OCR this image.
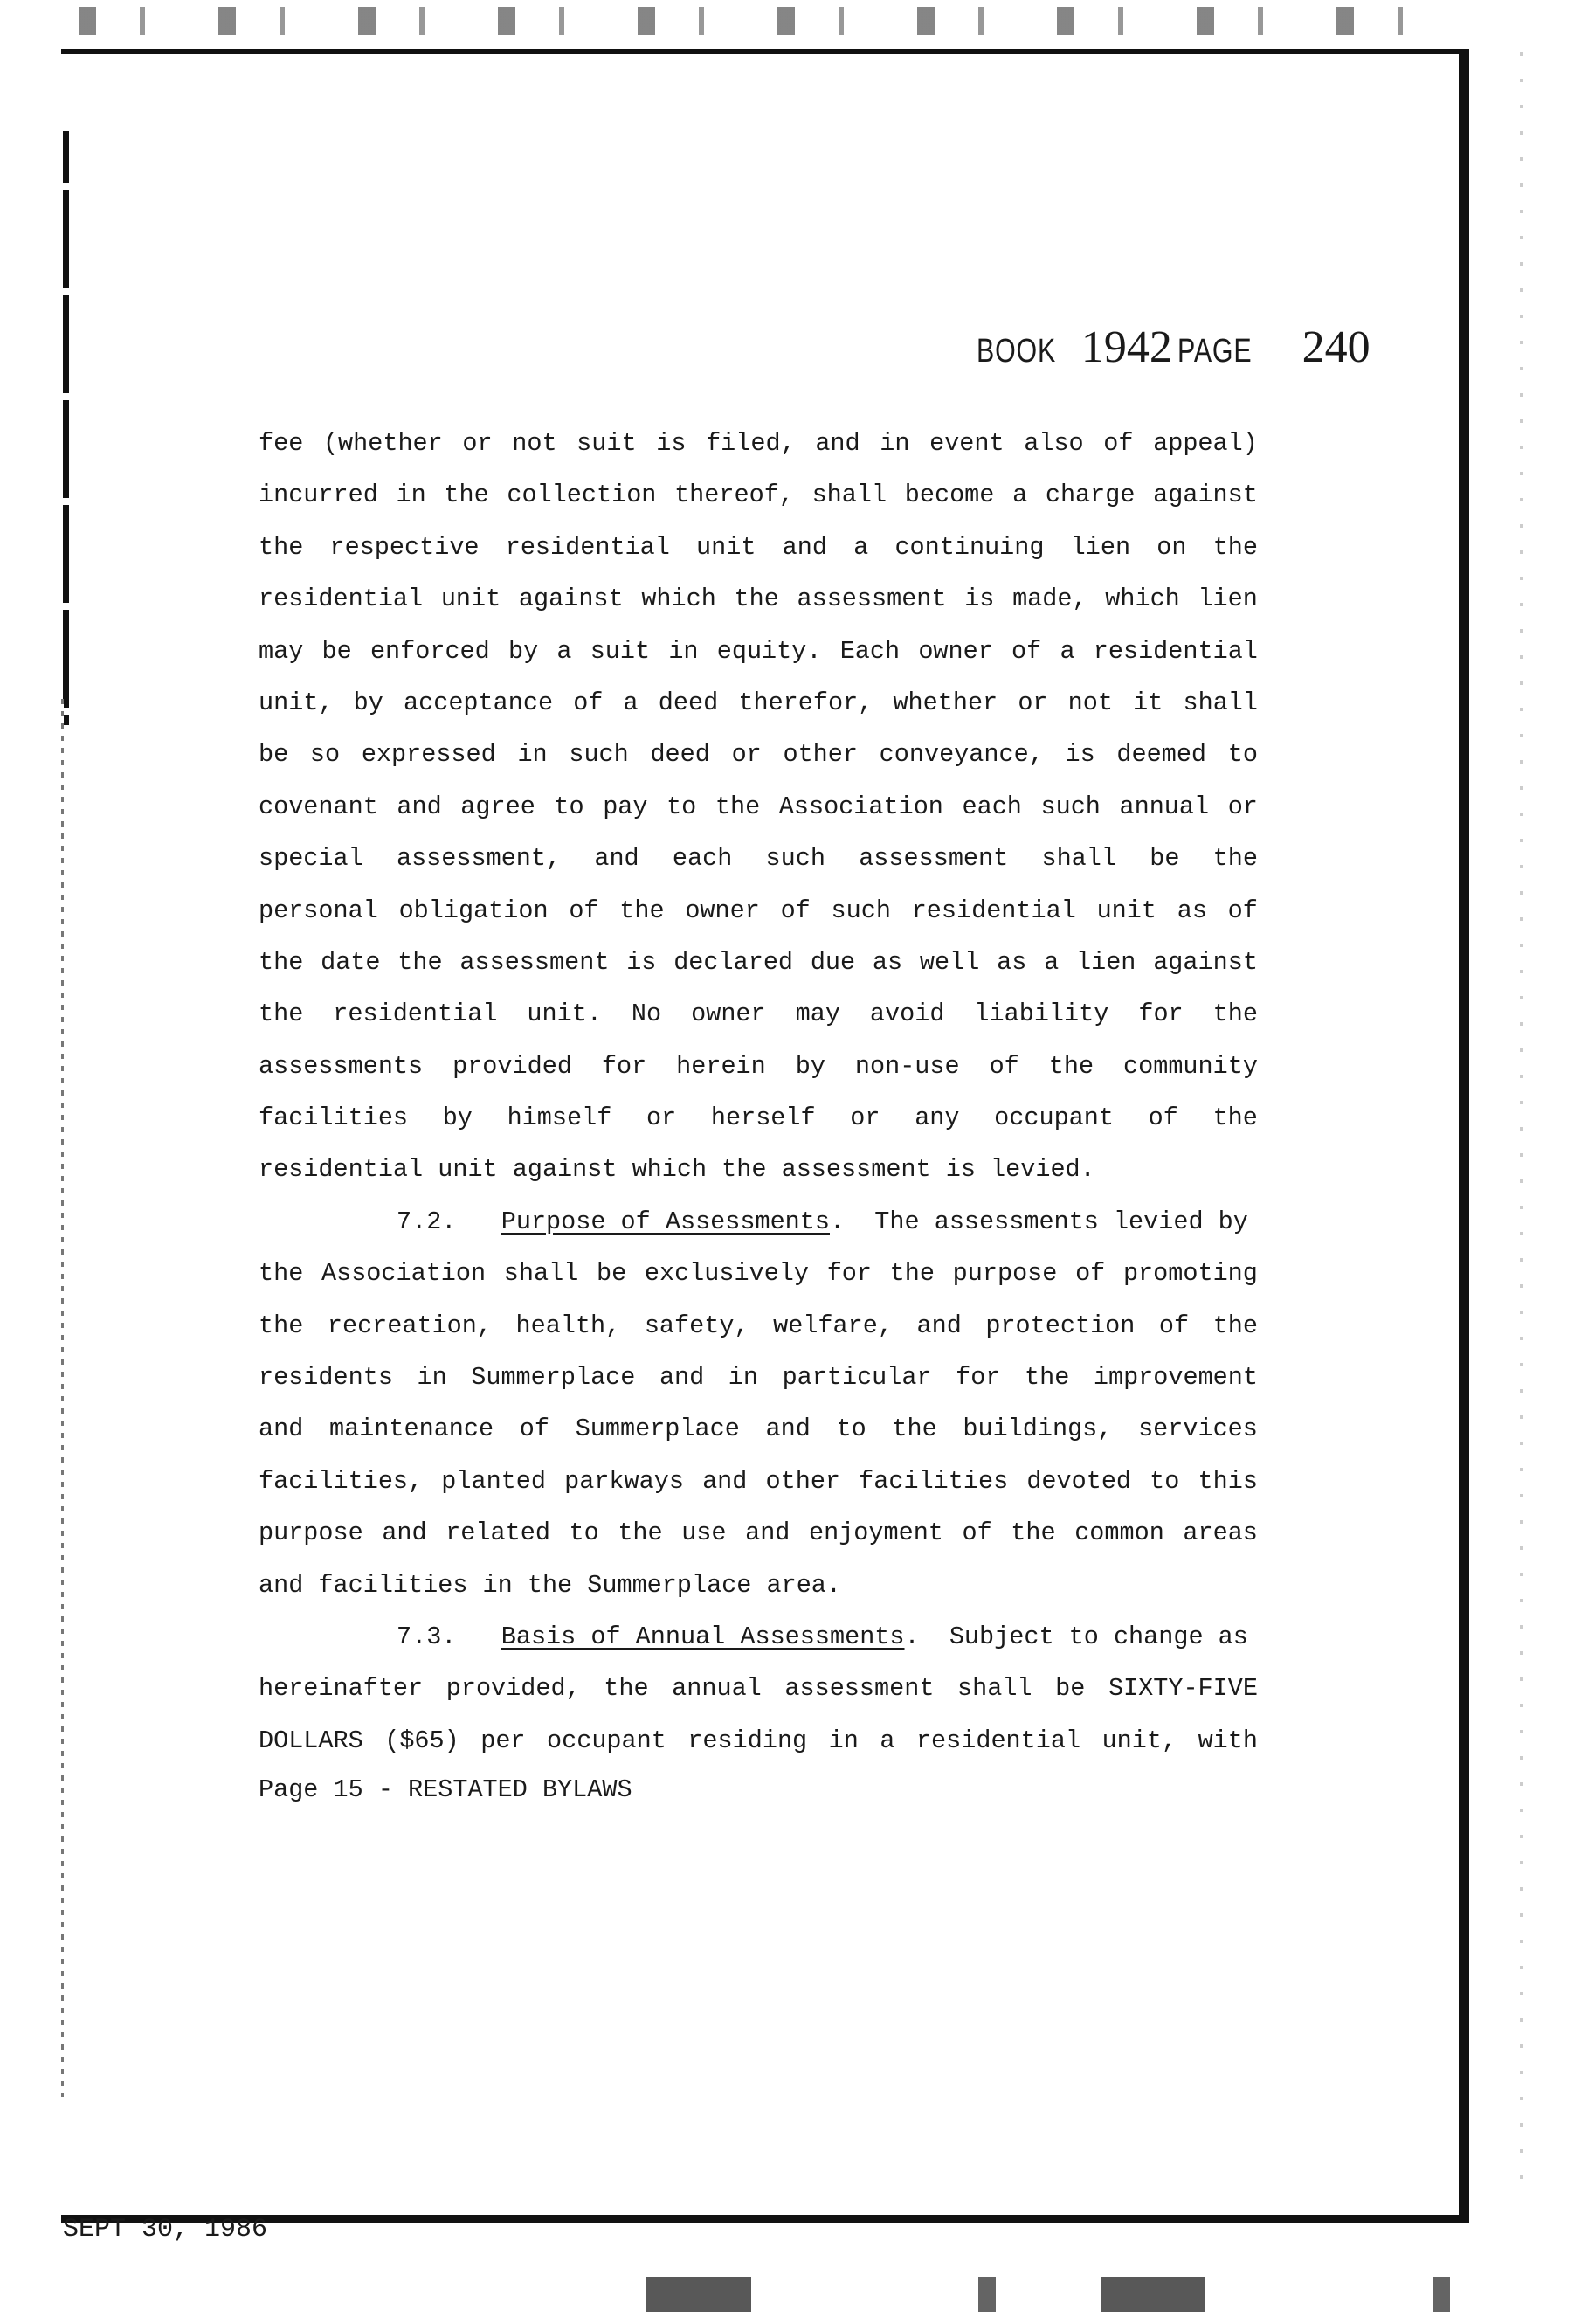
BOOK 1942 PAGE 240
fee (whether or not suit is filed, and in event also of appeal)
incurred in the collection thereof, shall become a charge against
the respective residential unit and a continuing lien on the
residential unit against which the assessment is made, which lien
may be enforced by a suit in equity. Each owner of a residential
unit, by acceptance of a deed therefor, whether or not it shall
be so expressed in such deed or other conveyance, is deemed to
covenant and agree to pay to the Association each such annual or
special assessment, and each such assessment shall be the
personal obligation of the owner of such residential unit as of
the date the assessment is declared due as well as a lien against
the residential unit. No owner may avoid liability for the
assessments provided for herein by non-use of the community
facilities by himself or herself or any occupant of the
residential unit against which the assessment is levied.
7.2. Purpose of Assessments.  The assessments levied by
the Association shall be exclusively for the purpose of promoting
the recreation, health, safety, welfare, and protection of the
residents in Summerplace and in particular for the improvement
and maintenance of Summerplace and to the buildings, services
facilities, planted parkways and other facilities devoted to this
purpose and related to the use and enjoyment of the common areas
and facilities in the Summerplace area.
7.3. Basis of Annual Assessments.  Subject to change as
hereinafter provided, the annual assessment shall be SIXTY-FIVE
DOLLARS ($65) per occupant residing in a residential unit, with
Page 15 - RESTATED BYLAWS
SEPT 30, 1986
